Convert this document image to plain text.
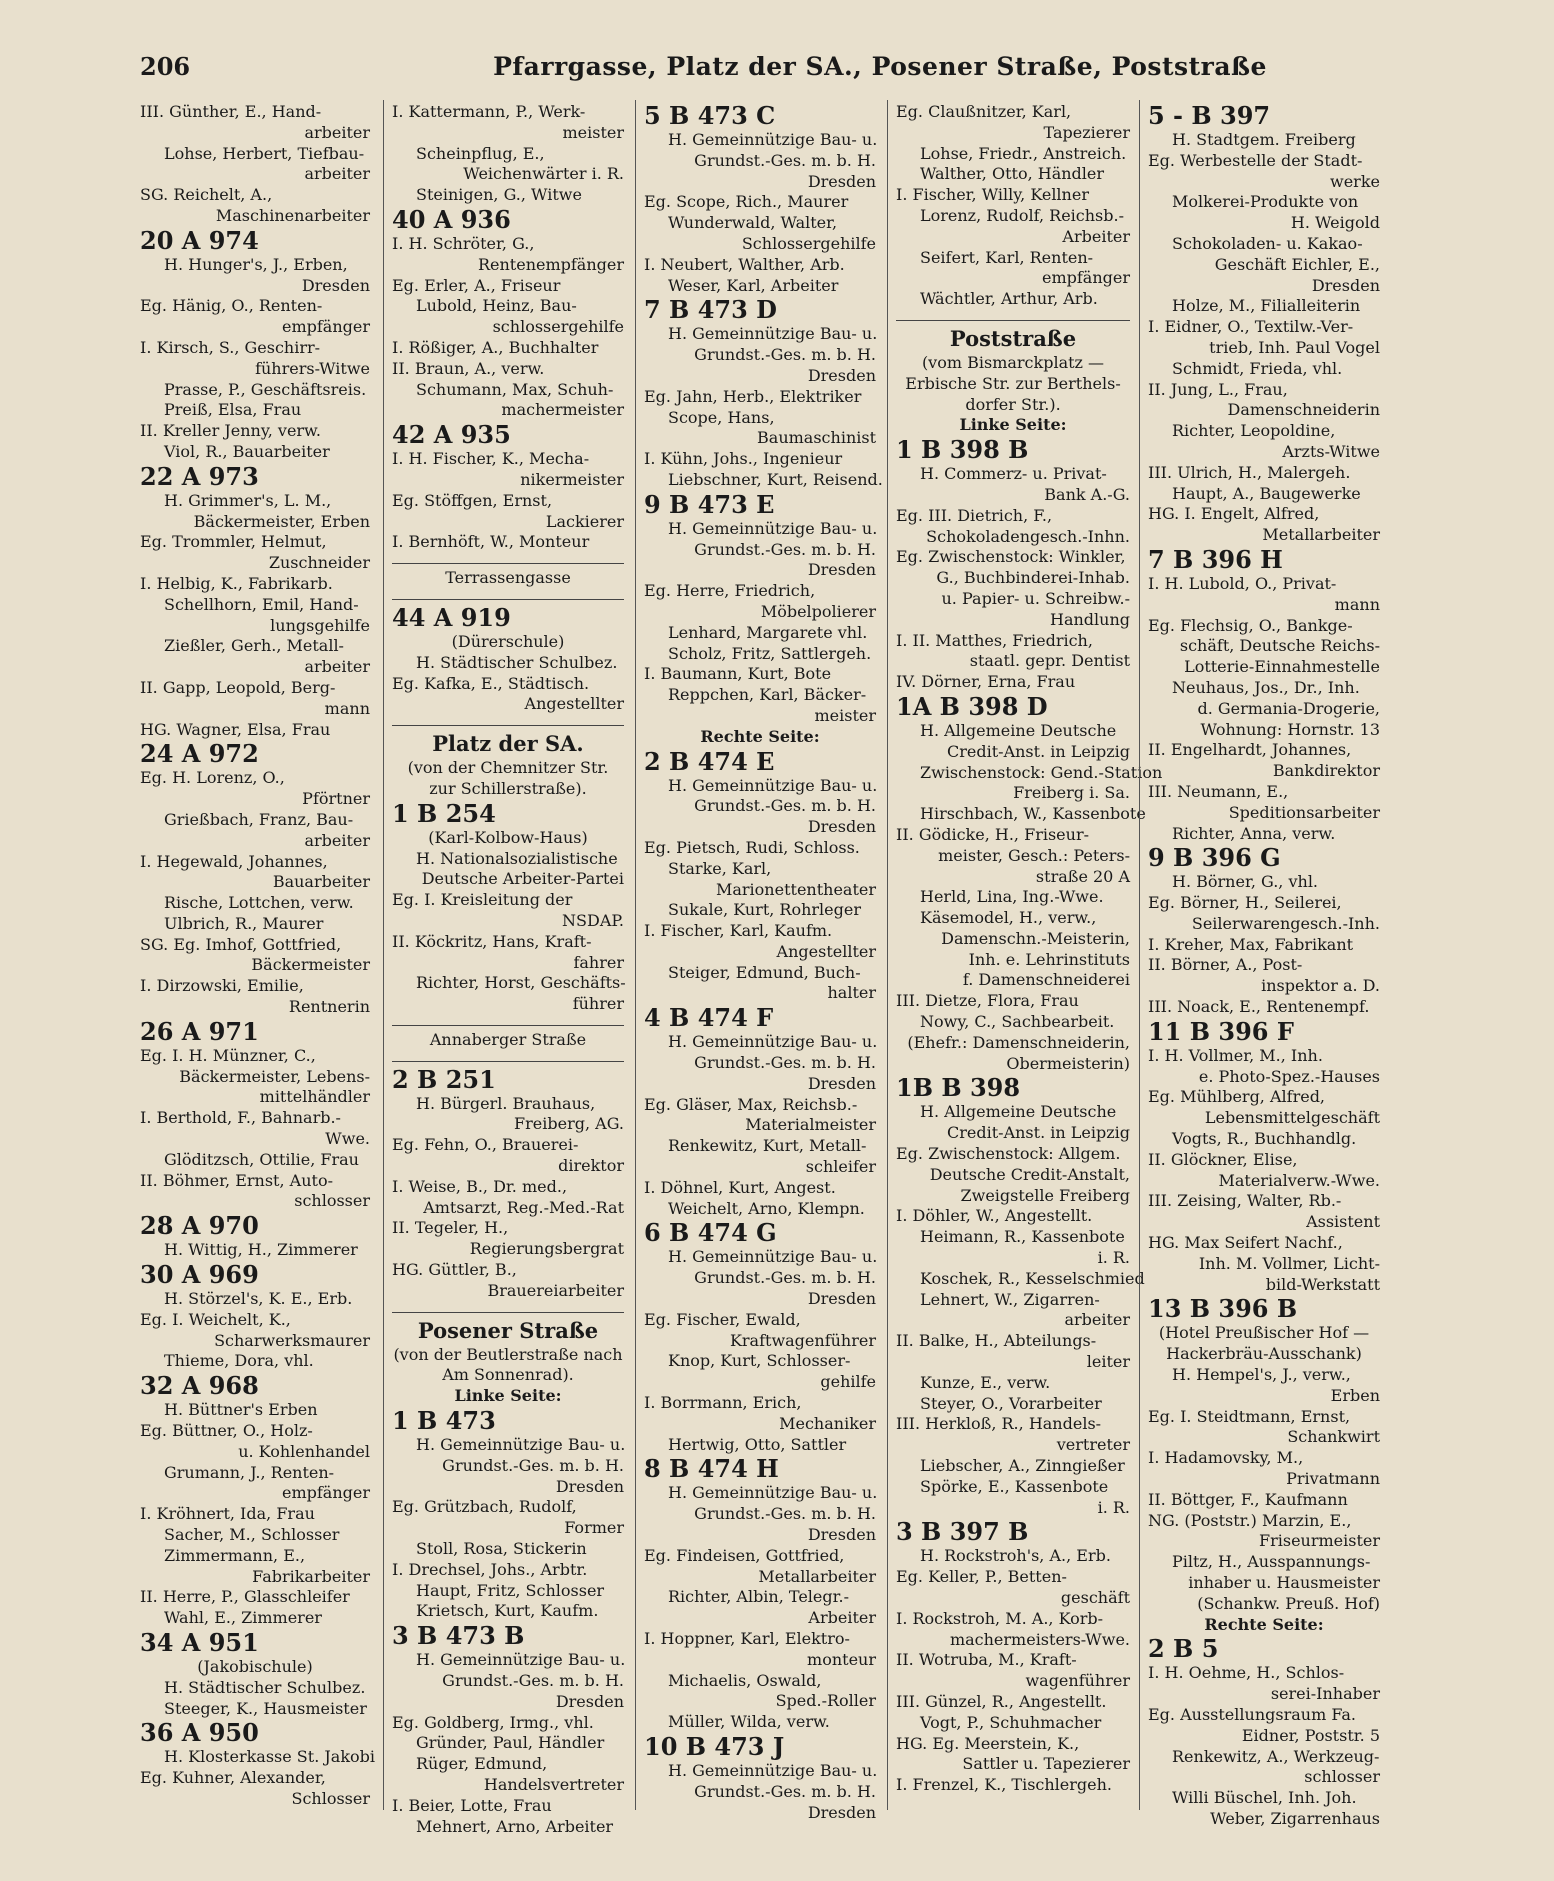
206	Pfarrgasse, Platz der SA., Posener Straße, Poststraße
III. Günther, E., Hand-
arbeiter
Lohse, Herbert, Tiefbau-
arbeiter
SG. Reichelt, A.,
Maschinenarbeiter
20 A 974
H. Hunger's, J., Erben,
Dresden
Eg. Hänig, O., Renten-
empfänger
I. Kirsch, S., Geschirr-
führers-Witwe
Prasse, P., Geschäftsreis.
Preiß, Elsa, Frau
II. Kreller Jenny, verw.
Viol, R., Bauarbeiter
22 A 973
H. Grimmer's, L. M.,
Bäckermeister, Erben
Eg. Trommler, Helmut,
Zuschneider
I. Helbig, K., Fabrikarb.
Schellhorn, Emil, Hand-
lungsgehilfe
Zießler, Gerh., Metall-
arbeiter
II. Gapp, Leopold, Berg-
mann
HG. Wagner, Elsa, Frau
24 A 972
Eg. H. Lorenz, O.,
Pförtner
Grießbach, Franz, Bau-
arbeiter
I. Hegewald, Johannes,
Bauarbeiter
Rische, Lottchen, verw.
Ulbrich, R., Maurer
SG. Eg. Imhof, Gottfried,
Bäckermeister
I. Dirzowski, Emilie,
Rentnerin
26 A 971
Eg. I. H. Münzner, C.,
Bäckermeister, Lebens-
mittelhändler
I. Berthold, F., Bahnarb.-
Wwe.
Glöditzsch, Ottilie, Frau
II. Böhmer, Ernst, Auto-
schlosser
28 A 970
H. Wittig, H., Zimmerer
30 A 969
H. Störzel's, K. E., Erb.
Eg. I. Weichelt, K.,
Scharwerksmaurer
Thieme, Dora, vhl.
32 A 968
H. Büttner's Erben
Eg. Büttner, O., Holz-
u. Kohlenhandel
Grumann, J., Renten-
empfänger
I. Kröhnert, Ida, Frau
Sacher, M., Schlosser
Zimmermann, E.,
Fabrikarbeiter
II. Herre, P., Glasschleifer
Wahl, E., Zimmerer
34 A 951
(Jakobischule)
H. Städtischer Schulbez.
Steeger, K., Hausmeister
36 A 950
H. Klosterkasse St. Jakobi
Eg. Kuhner, Alexander,
Schlosser
I. Kattermann, P., Werk-
meister
Scheinpflug, E.,
Weichenwärter i. R.
Steinigen, G., Witwe
40 A 936
I. H. Schröter, G.,
Rentenempfänger
Eg. Erler, A., Friseur
Lubold, Heinz, Bau-
schlossergehilfe
I. Rößiger, A., Buchhalter
II. Braun, A., verw.
Schumann, Max, Schuh-
machermeister
42 A 935
I. H. Fischer, K., Mecha-
nikermeister
Eg. Stöffgen, Ernst,
Lackierer
I. Bernhöft, W., Monteur
Terrassengasse
44 A 919
(Dürerschule)
H. Städtischer Schulbez.
Eg. Kafka, E., Städtisch.
Angestellter
Platz der SA.
(von der Chemnitzer Str.
zur Schillerstraße).
1 B 254
(Karl-Kolbow-Haus)
H. Nationalsozialistische
Deutsche Arbeiter-Partei
Eg. I. Kreisleitung der
NSDAP.
II. Köckritz, Hans, Kraft-
fahrer
Richter, Horst, Geschäfts-
führer
Annaberger Straße
2 B 251
H. Bürgerl. Brauhaus,
Freiberg, AG.
Eg. Fehn, O., Brauerei-
direktor
I. Weise, B., Dr. med.,
Amtsarzt, Reg.-Med.-Rat
II. Tegeler, H.,
Regierungsbergrat
HG. Güttler, B.,
Brauereiarbeiter
Posener Straße
(von der Beutlerstraße nach
Am Sonnenrad).
Linke Seite:
1 B 473
H. Gemeinnützige Bau- u.
Grundst.-Ges. m. b. H.
Dresden
Eg. Grützbach, Rudolf,
Former
Stoll, Rosa, Stickerin
I. Drechsel, Johs., Arbtr.
Haupt, Fritz, Schlosser
Krietsch, Kurt, Kaufm.
3 B 473 B
H. Gemeinnützige Bau- u.
Grundst.-Ges. m. b. H.
Dresden
Eg. Goldberg, Irmg., vhl.
Gründer, Paul, Händler
Rüger, Edmund,
Handelsvertreter
I. Beier, Lotte, Frau
Mehnert, Arno, Arbeiter
5 B 473 C
H. Gemeinnützige Bau- u.
Grundst.-Ges. m. b. H.
Dresden
Eg. Scope, Rich., Maurer
Wunderwald, Walter,
Schlossergehilfe
I. Neubert, Walther, Arb.
Weser, Karl, Arbeiter
7 B 473 D
H. Gemeinnützige Bau- u.
Grundst.-Ges. m. b. H.
Dresden
Eg. Jahn, Herb., Elektriker
Scope, Hans,
Baumaschinist
I. Kühn, Johs., Ingenieur
Liebschner, Kurt, Reisend.
9 B 473 E
H. Gemeinnützige Bau- u.
Grundst.-Ges. m. b. H.
Dresden
Eg. Herre, Friedrich,
Möbelpolierer
Lenhard, Margarete vhl.
Scholz, Fritz, Sattlergeh.
I. Baumann, Kurt, Bote
Reppchen, Karl, Bäcker-
meister
Rechte Seite:
2 B 474 E
H. Gemeinnützige Bau- u.
Grundst.-Ges. m. b. H.
Dresden
Eg. Pietsch, Rudi, Schloss.
Starke, Karl,
Marionettentheater
Sukale, Kurt, Rohrleger
I. Fischer, Karl, Kaufm.
Angestellter
Steiger, Edmund, Buch-
halter
4 B 474 F
H. Gemeinnützige Bau- u.
Grundst.-Ges. m. b. H.
Dresden
Eg. Gläser, Max, Reichsb.-
Materialmeister
Renkewitz, Kurt, Metall-
schleifer
I. Döhnel, Kurt, Angest.
Weichelt, Arno, Klempn.
6 B 474 G
H. Gemeinnützige Bau- u.
Grundst.-Ges. m. b. H.
Dresden
Eg. Fischer, Ewald,
Kraftwagenführer
Knop, Kurt, Schlosser-
gehilfe
I. Borrmann, Erich,
Mechaniker
Hertwig, Otto, Sattler
8 B 474 H
H. Gemeinnützige Bau- u.
Grundst.-Ges. m. b. H.
Dresden
Eg. Findeisen, Gottfried,
Metallarbeiter
Richter, Albin, Telegr.-
Arbeiter
I. Hoppner, Karl, Elektro-
monteur
Michaelis, Oswald,
Sped.-Roller
Müller, Wilda, verw.
10 B 473 J
H. Gemeinnützige Bau- u.
Grundst.-Ges. m. b. H.
Dresden
Eg. Claußnitzer, Karl,
Tapezierer
Lohse, Friedr., Anstreich.
Walther, Otto, Händler
I. Fischer, Willy, Kellner
Lorenz, Rudolf, Reichsb.-
Arbeiter
Seifert, Karl, Renten-
empfänger
Wächtler, Arthur, Arb.
Poststraße
(vom Bismarckplatz —
Erbische Str. zur Berthels-
dorfer Str.).
Linke Seite:
1 B 398 B
H. Commerz- u. Privat-
Bank A.-G.
Eg. III. Dietrich, F.,
Schokoladengesch.-Inhn.
Eg. Zwischenstock: Winkler,
G., Buchbinderei-Inhab.
u. Papier- u. Schreibw.-
Handlung
I. II. Matthes, Friedrich,
staatl. gepr. Dentist
IV. Dörner, Erna, Frau
1A B 398 D
H. Allgemeine Deutsche
Credit-Anst. in Leipzig
Zwischenstock: Gend.-Station
Freiberg i. Sa.
Hirschbach, W., Kassenbote
II. Gödicke, H., Friseur-
meister, Gesch.: Peters-
straße 20 A
Herld, Lina, Ing.-Wwe.
Käsemodel, H., verw.,
Damenschn.-Meisterin,
Inh. e. Lehrinstituts
f. Damenschneiderei
III. Dietze, Flora, Frau
Nowy, C., Sachbearbeit.
(Ehefr.: Damenschneiderin,
Obermeisterin)
1B B 398
H. Allgemeine Deutsche
Credit-Anst. in Leipzig
Eg. Zwischenstock: Allgem.
Deutsche Credit-Anstalt,
Zweigstelle Freiberg
I. Döhler, W., Angestellt.
Heimann, R., Kassenbote
i. R.
Koschek, R., Kesselschmied
Lehnert, W., Zigarren-
arbeiter
II. Balke, H., Abteilungs-
leiter
Kunze, E., verw.
Steyer, O., Vorarbeiter
III. Herkloß, R., Handels-
vertreter
Liebscher, A., Zinngießer
Spörke, E., Kassenbote
i. R.
3 B 397 B
H. Rockstroh's, A., Erb.
Eg. Keller, P., Betten-
geschäft
I. Rockstroh, M. A., Korb-
machermeisters-Wwe.
II. Wotruba, M., Kraft-
wagenführer
III. Günzel, R., Angestellt.
Vogt, P., Schuhmacher
HG. Eg. Meerstein, K.,
Sattler u. Tapezierer
I. Frenzel, K., Tischlergeh.
5 - B 397
H. Stadtgem. Freiberg
Eg. Werbestelle der Stadt-
werke
Molkerei-Produkte von
H. Weigold
Schokoladen- u. Kakao-
Geschäft Eichler, E.,
Dresden
Holze, M., Filialleiterin
I. Eidner, O., Textilw.-Ver-
trieb, Inh. Paul Vogel
Schmidt, Frieda, vhl.
II. Jung, L., Frau,
Damenschneiderin
Richter, Leopoldine,
Arzts-Witwe
III. Ulrich, H., Malergeh.
Haupt, A., Baugewerke
HG. I. Engelt, Alfred,
Metallarbeiter
7 B 396 H
I. H. Lubold, O., Privat-
mann
Eg. Flechsig, O., Bankge-
schäft, Deutsche Reichs-
Lotterie-Einnahmestelle
Neuhaus, Jos., Dr., Inh.
d. Germania-Drogerie,
Wohnung: Hornstr. 13
II. Engelhardt, Johannes,
Bankdirektor
III. Neumann, E.,
Speditionsarbeiter
Richter, Anna, verw.
9 B 396 G
H. Börner, G., vhl.
Eg. Börner, H., Seilerei,
Seilerwarengesch.-Inh.
I. Kreher, Max, Fabrikant
II. Börner, A., Post-
inspektor a. D.
III. Noack, E., Rentenempf.
11 B 396 F
I. H. Vollmer, M., Inh.
e. Photo-Spez.-Hauses
Eg. Mühlberg, Alfred,
Lebensmittelgeschäft
Vogts, R., Buchhandlg.
II. Glöckner, Elise,
Materialverw.-Wwe.
III. Zeising, Walter, Rb.-
Assistent
HG. Max Seifert Nachf.,
Inh. M. Vollmer, Licht-
bild-Werkstatt
13 B 396 B
(Hotel Preußischer Hof —
Hackerbräu-Ausschank)
H. Hempel's, J., verw.,
Erben
Eg. I. Steidtmann, Ernst,
Schankwirt
I. Hadamovsky, M.,
Privatmann
II. Böttger, F., Kaufmann
NG. (Poststr.) Marzin, E.,
Friseurmeister
Piltz, H., Ausspannungs-
inhaber u. Hausmeister
(Schankw. Preuß. Hof)
Rechte Seite:
2 B 5
I. H. Oehme, H., Schlos-
serei-Inhaber
Eg. Ausstellungsraum Fa.
Eidner, Poststr. 5
Renkewitz, A., Werkzeug-
schlosser
Willi Büschel, Inh. Joh.
Weber, Zigarrenhaus
